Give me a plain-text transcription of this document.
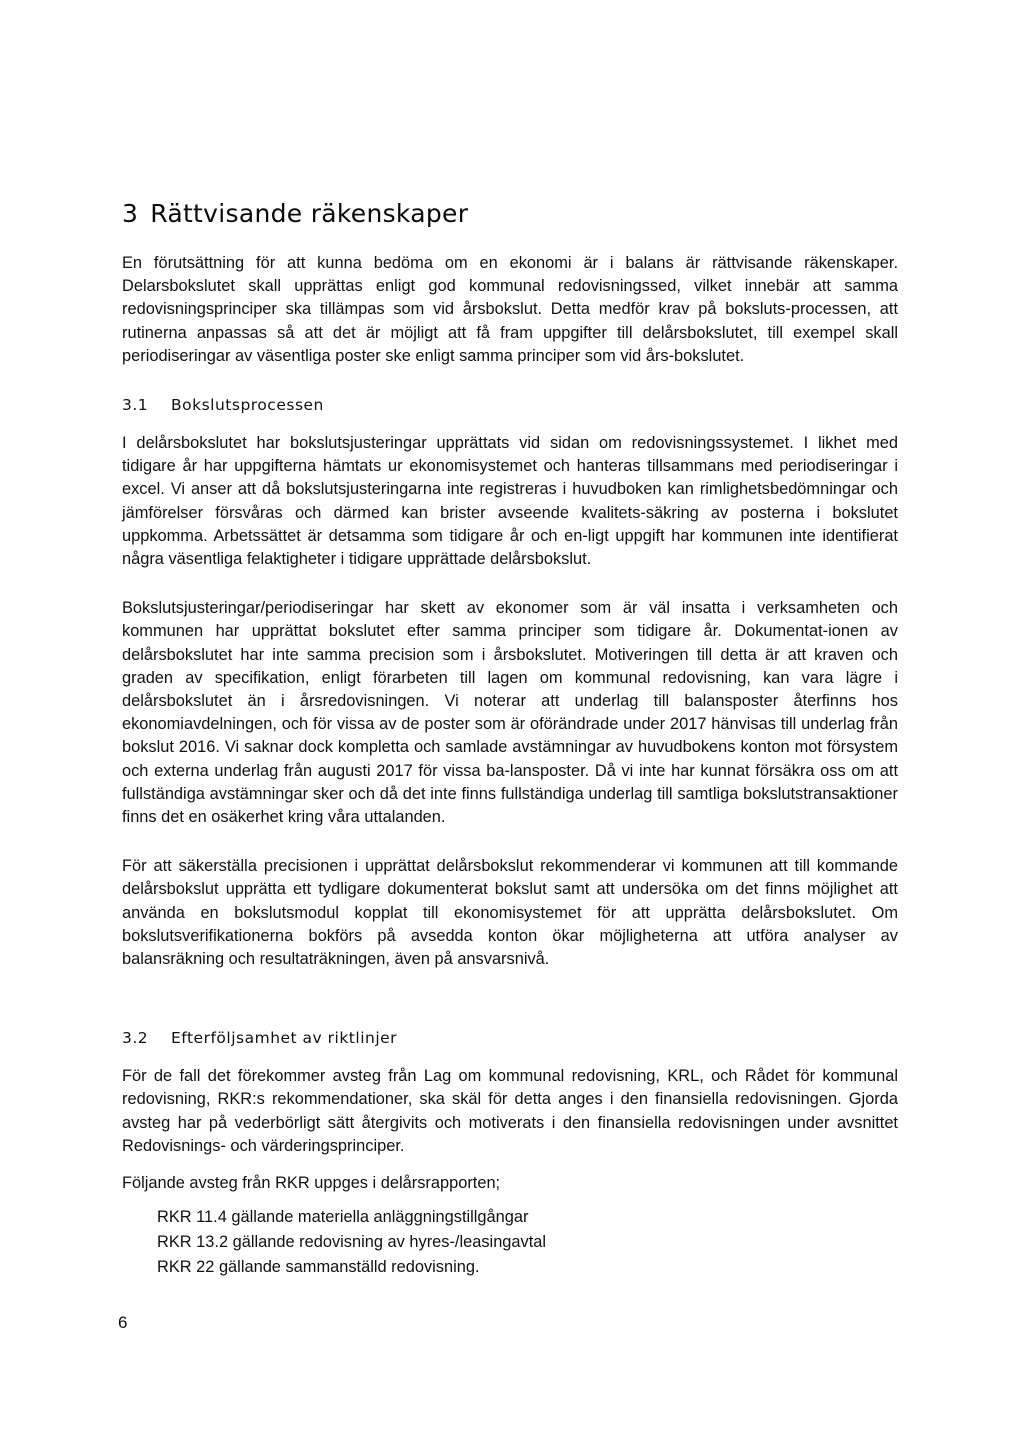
3 Rättvisande räkenskaper

En förutsättning för att kunna bedöma om en ekonomi är i balans är rättvisande räkenskaper. Delarsbokslutet skall upprättas enligt god kommunal redovisningssed, vilket innebär att samma redovisningsprinciper ska tillämpas som vid årsbokslut. Detta medför krav på boksluts-processen, att rutinerna anpassas så att det är möjligt att få fram uppgifter till delårsbokslutet, till exempel skall periodiseringar av väsentliga poster ske enligt samma principer som vid års-bokslutet.

3.1 Bokslutsprocessen

I delårsbokslutet har bokslutsjusteringar upprättats vid sidan om redovisningssystemet. I likhet med tidigare år har uppgifterna hämtats ur ekonomisystemet och hanteras tillsammans med periodiseringar i excel. Vi anser att då bokslutsjusteringarna inte registreras i huvudboken kan rimlighetsbedömningar och jämförelser försvåras och därmed kan brister avseende kvalitets-säkring av posterna i bokslutet uppkomma. Arbetssättet är detsamma som tidigare år och en-ligt uppgift har kommunen inte identifierat några väsentliga felaktigheter i tidigare upprättade delårsbokslut.

Bokslutsjusteringar/periodiseringar har skett av ekonomer som är väl insatta i verksamheten och kommunen har upprättat bokslutet efter samma principer som tidigare år. Dokumentat-ionen av delårsbokslutet har inte samma precision som i årsbokslutet. Motiveringen till detta är att kraven och graden av specifikation, enligt förarbeten till lagen om kommunal redovisning, kan vara lägre i delårsbokslutet än i årsredovisningen. Vi noterar att underlag till balansposter återfinns hos ekonomiavdelningen, och för vissa av de poster som är oförändrade under 2017 hänvisas till underlag från bokslut 2016. Vi saknar dock kompletta och samlade avstämningar av huvudbokens konton mot försystem och externa underlag från augusti 2017 för vissa ba-lansposter. Då vi inte har kunnat försäkra oss om att fullständiga avstämningar sker och då det inte finns fullständiga underlag till samtliga bokslutstransaktioner finns det en osäkerhet kring våra uttalanden.

För att säkerställa precisionen i upprättat delårsbokslut rekommenderar vi kommunen att till kommande delårsbokslut upprätta ett tydligare dokumenterat bokslut samt att undersöka om det finns möjlighet att använda en bokslutsmodul kopplat till ekonomisystemet för att upprätta delårsbokslutet. Om bokslutsverifikationerna bokförs på avsedda konton ökar möjligheterna att utföra analyser av balansräkning och resultaträkningen, även på ansvarsnivå.

3.2 Efterföljsamhet av riktlinjer

För de fall det förekommer avsteg från Lag om kommunal redovisning, KRL, och Rådet för kommunal redovisning, RKR:s rekommendationer, ska skäl för detta anges i den finansiella redovisningen. Gjorda avsteg har på vederbörligt sätt återgivits och motiverats i den finansiella redovisningen under avsnittet Redovisnings- och värderingsprinciper.

Följande avsteg från RKR uppges i delårsrapporten;

RKR 11.4 gällande materiella anläggningstillgångar
RKR 13.2 gällande redovisning av hyres-/leasingavtal
RKR 22 gällande sammanställd redovisning.
6
